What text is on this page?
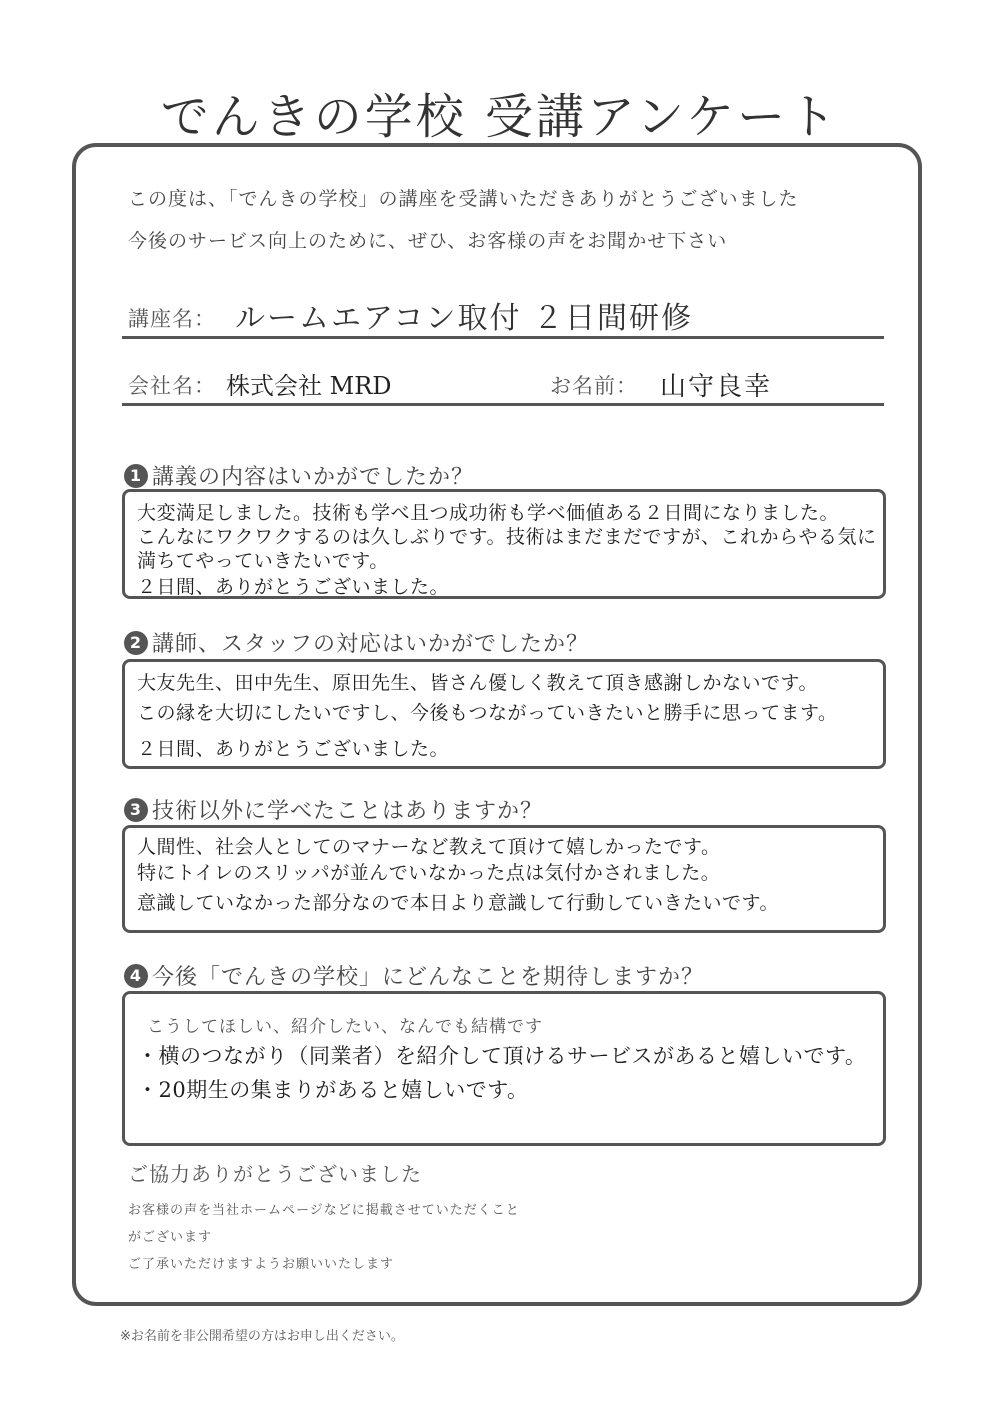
でんきの学校 受講アンケート
この度は、「でんきの学校」の講座を受講いただきありがとうございました
今後のサービス向上のために、ぜひ、お客様の声をお聞かせ下さい
講座名： ルームエアコン取付 ２日間研修
会社名： 株式会社 MRD	お名前： 山守良幸
1 講義の内容はいかがでしたか？
大変満足しました。技術も学べ且つ成功術も学べ価値ある２日間になりました。
こんなにワクワクするのは久しぶりです。技術はまだまだですが、これからやる気に
満ちてやっていきたいです。
２日間、ありがとうございました。
2 講師、スタッフの対応はいかがでしたか？
大友先生、田中先生、原田先生、皆さん優しく教えて頂き感謝しかないです。
この縁を大切にしたいですし、今後もつながっていきたいと勝手に思ってます。
２日間、ありがとうございました。
3 技術以外に学べたことはありますか？
人間性、社会人としてのマナーなど教えて頂けて嬉しかったです。
特にトイレのスリッパが並んでいなかった点は気付かされました。
意識していなかった部分なので本日より意識して行動していきたいです。
4 今後「でんきの学校」にどんなことを期待しますか？
こうしてほしい、紹介したい、なんでも結構です
・横のつながり（同業者）を紹介して頂けるサービスがあると嬉しいです。
・20期生の集まりがあると嬉しいです。
ご協力ありがとうございました
お客様の声を当社ホームページなどに掲載させていただくこと
がございます
ご了承いただけますようお願いいたします
※お名前を非公開希望の方はお申し出ください。
